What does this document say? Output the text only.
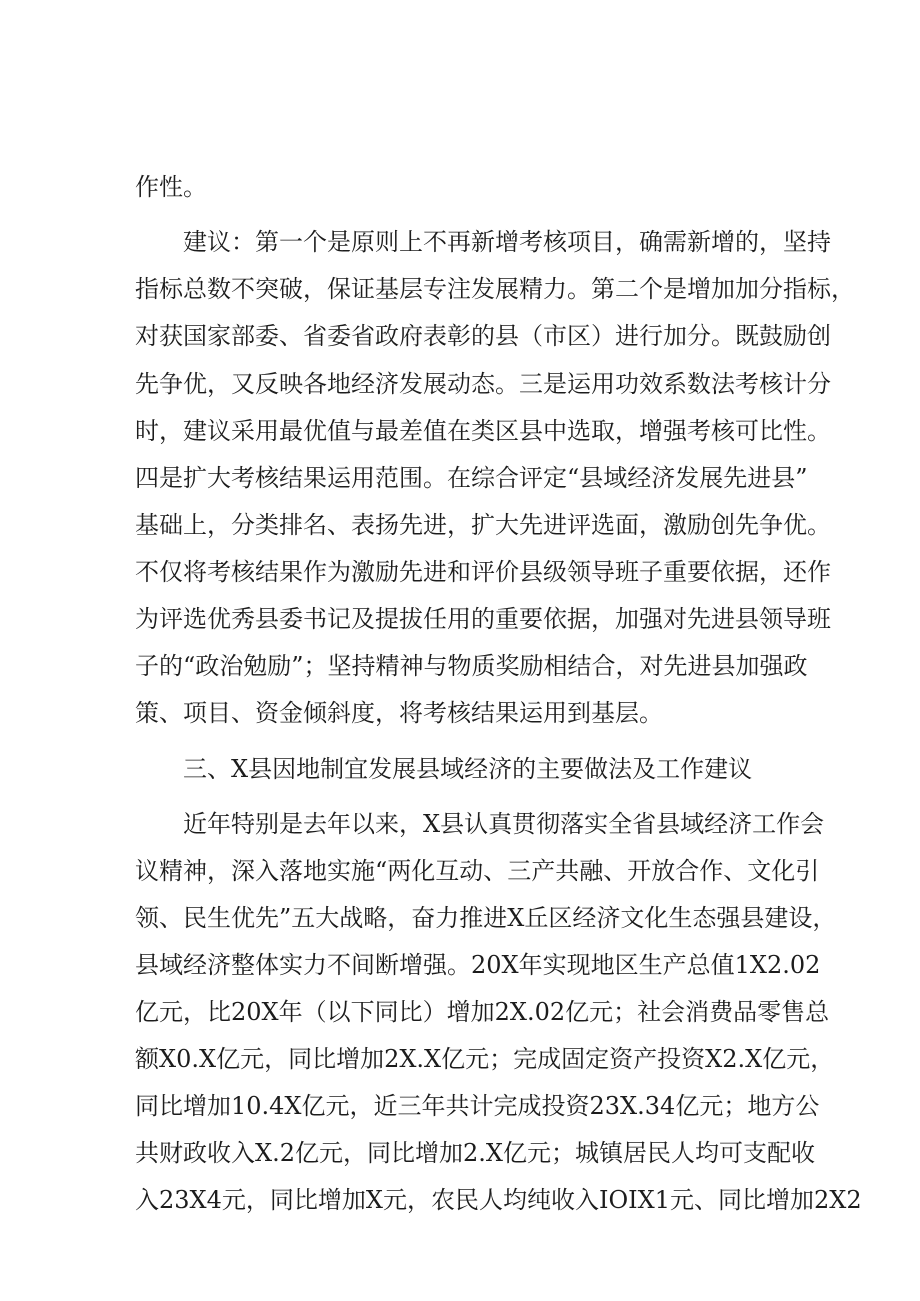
作性。
建议：第一个是原则上不再新增考核项目，确需新增的，坚持
指标总数不突破，保证基层专注发展精力。第二个是增加加分指标，
对获国家部委、省委省政府表彰的县（市区）进行加分。既鼓励创
先争优，又反映各地经济发展动态。三是运用功效系数法考核计分
时，建议采用最优值与最差值在类区县中选取，增强考核可比性。
四是扩大考核结果运用范围。在综合评定“县域经济发展先进县”
基础上，分类排名、表扬先进，扩大先进评选面，激励创先争优。
不仅将考核结果作为激励先进和评价县级领导班子重要依据，还作
为评选优秀县委书记及提拔任用的重要依据，加强对先进县领导班
子的“政治勉励”；坚持精神与物质奖励相结合，对先进县加强政
策、项目、资金倾斜度，将考核结果运用到基层。
三、X县因地制宜发展县域经济的主要做法及工作建议
近年特别是去年以来，X县认真贯彻落实全省县域经济工作会
议精神，深入落地实施“两化互动、三产共融、开放合作、文化引
领、民生优先”五大战略，奋力推进X丘区经济文化生态强县建设，
县域经济整体实力不间断增强。20X年实现地区生产总值1X2.02
亿元，比20X年（以下同比）增加2X.02亿元；社会消费品零售总
额X0.X亿元，同比增加2X.X亿元；完成固定资产投资X2.X亿元，
同比增加10.4X亿元，近三年共计完成投资23X.34亿元；地方公
共财政收入X.2亿元，同比增加2.X亿元；城镇居民人均可支配收
入23X4元，同比增加X元，农民人均纯收入IOIX1元、同比增加2X2
